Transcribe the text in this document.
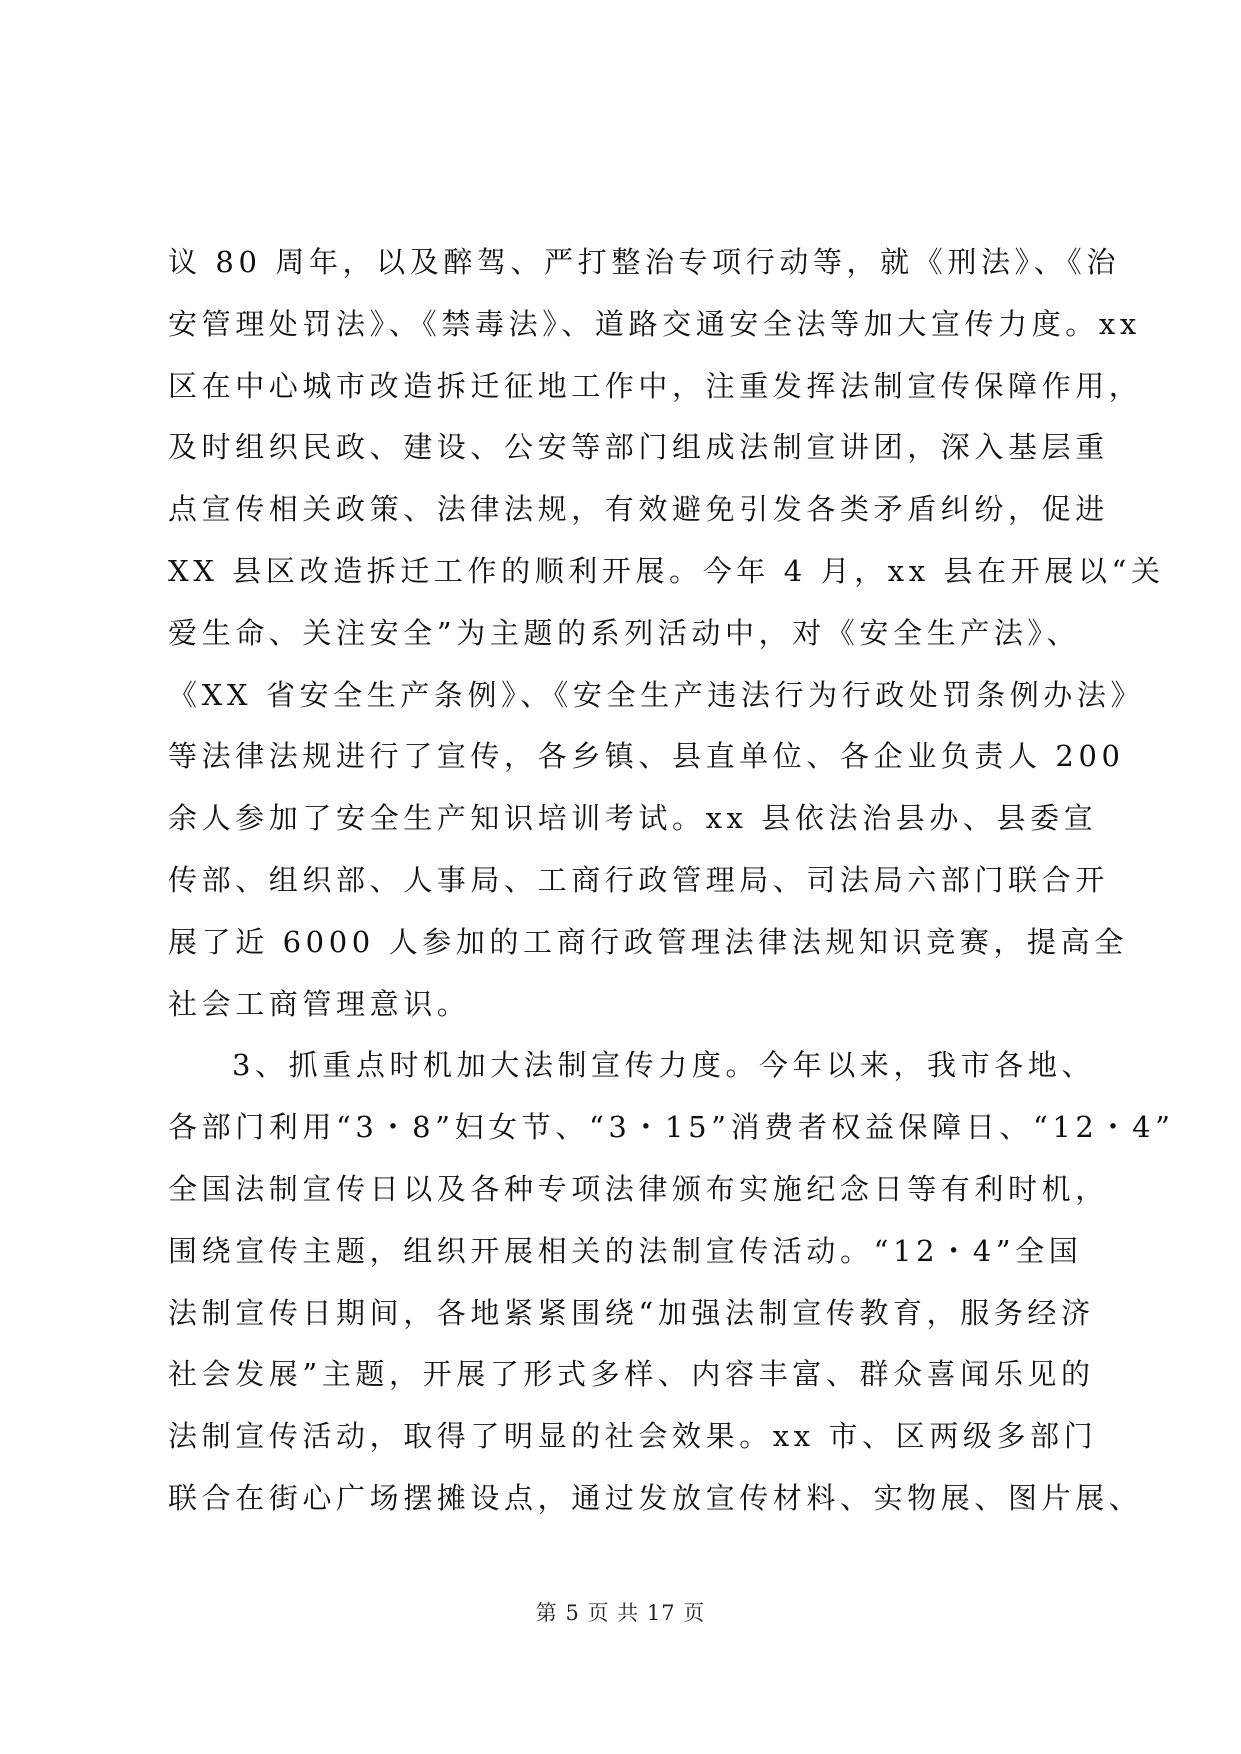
议 80 周年，以及醉驾、严打整治专项行动等，就《刑法》、《治
安管理处罚法》、《禁毒法》、道路交通安全法等加大宣传力度。xx
区在中心城市改造拆迁征地工作中，注重发挥法制宣传保障作用，
及时组织民政、建设、公安等部门组成法制宣讲团，深入基层重
点宣传相关政策、法律法规，有效避免引发各类矛盾纠纷，促进
XX 县区改造拆迁工作的顺利开展。今年 4 月，xx 县在开展以“关
爱生命、关注安全”为主题的系列活动中，对《安全生产法》、
《XX 省安全生产条例》、《安全生产违法行为行政处罚条例办法》
等法律法规进行了宣传，各乡镇、县直单位、各企业负责人 200
余人参加了安全生产知识培训考试。xx 县依法治县办、县委宣
传部、组织部、人事局、工商行政管理局、司法局六部门联合开
展了近 6000 人参加的工商行政管理法律法规知识竞赛，提高全
社会工商管理意识。
3、抓重点时机加大法制宣传力度。今年以来，我市各地、
各部门利用“3・8”妇女节、“3・15”消费者权益保障日、“12・4”
全国法制宣传日以及各种专项法律颁布实施纪念日等有利时机，
围绕宣传主题，组织开展相关的法制宣传活动。“12・4”全国
法制宣传日期间，各地紧紧围绕“加强法制宣传教育，服务经济
社会发展”主题，开展了形式多样、内容丰富、群众喜闻乐见的
法制宣传活动，取得了明显的社会效果。xx 市、区两级多部门
联合在街心广场摆摊设点，通过发放宣传材料、实物展、图片展、
第 5 页 共 17 页
